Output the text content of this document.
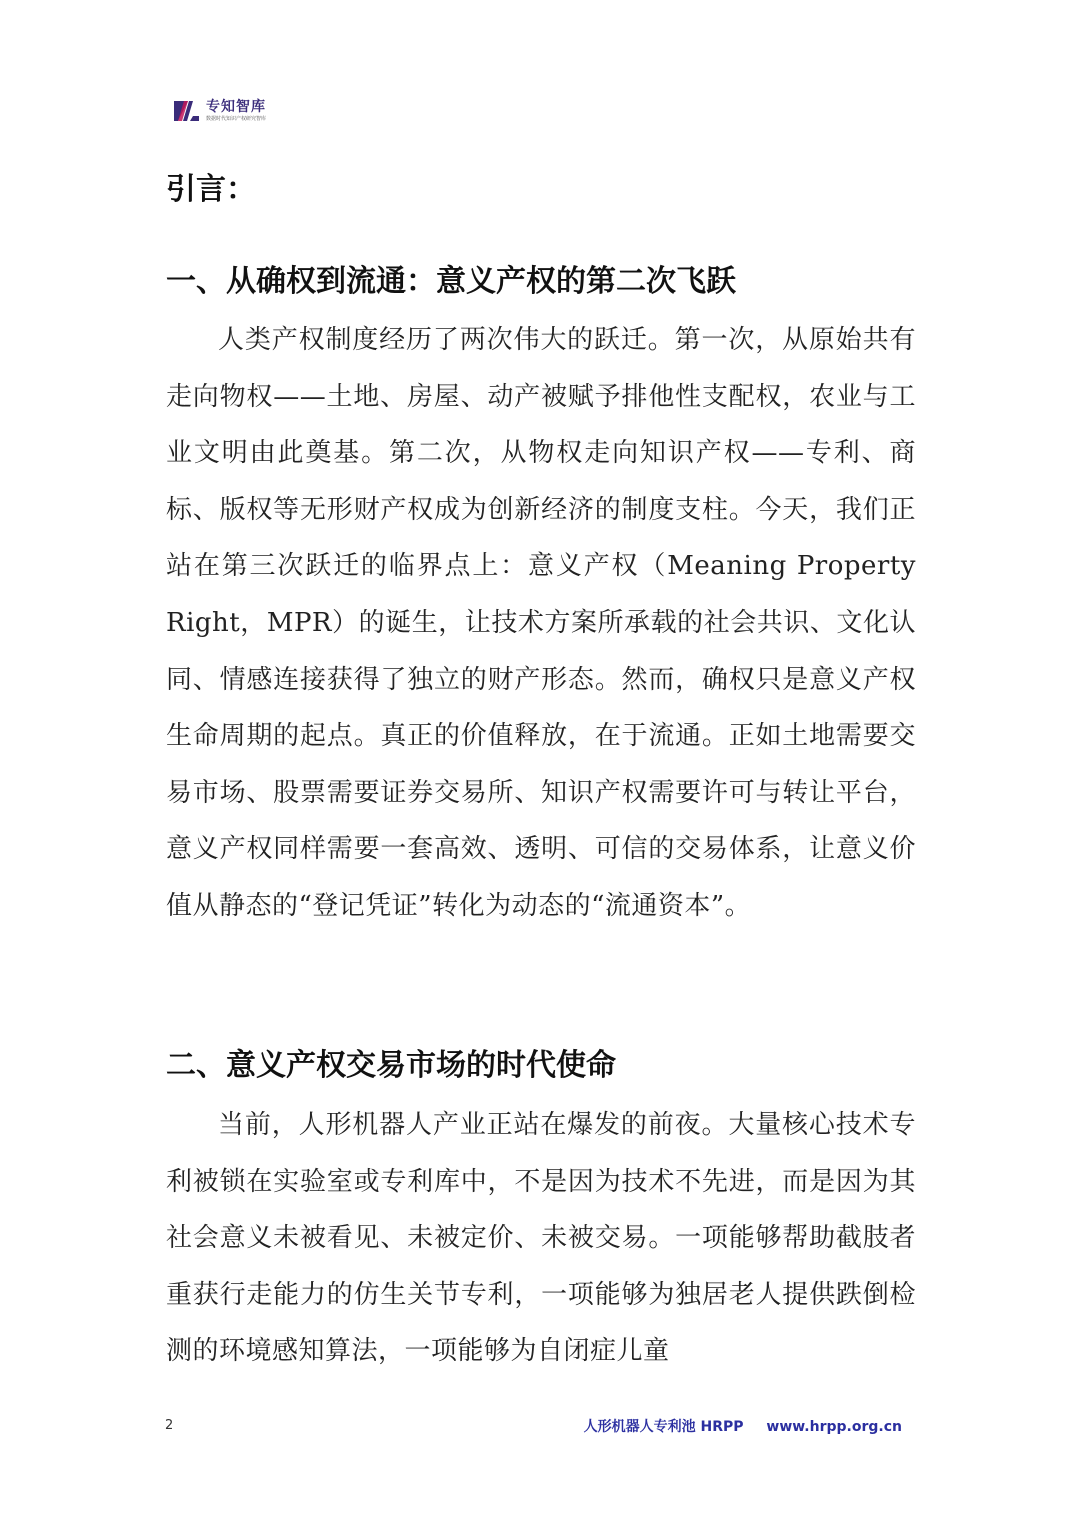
专知智库
数据时代知识产权研究智库
引言：
一、从确权到流通：意义产权的第二次飞跃

人类产权制度经历了两次伟大的跃迁。第一次，从原始共有走向物权——土地、房屋、动产被赋予排他性支配权，农业与工业文明由此奠基。第二次，从物权走向知识产权——专利、商标、版权等无形财产权成为创新经济的制度支柱。今天，我们正站在第三次跃迁的临界点上：意义产权（Meaning Property Right，MPR）的诞生，让技术方案所承载的社会共识、文化认同、情感连接获得了独立的财产形态。然而，确权只是意义产权生命周期的起点。真正的价值释放，在于流通。正如土地需要交易市场、股票需要证券交易所、知识产权需要许可与转让平台，意义产权同样需要一套高效、透明、可信的交易体系，让意义价值从静态的“登记凭证”转化为动态的“流通资本”。

二、意义产权交易市场的时代使命

当前，人形机器人产业正站在爆发的前夜。大量核心技术专利被锁在实验室或专利库中，不是因为技术不先进，而是因为其社会意义未被看见、未被定价、未被交易。一项能够帮助截肢者重获行走能力的仿生关节专利，一项能够为独居老人提供跌倒检测的环境感知算法，一项能够为自闭症儿童

2	人形机器人专利池 HRPP www.hrpp.org.cn
